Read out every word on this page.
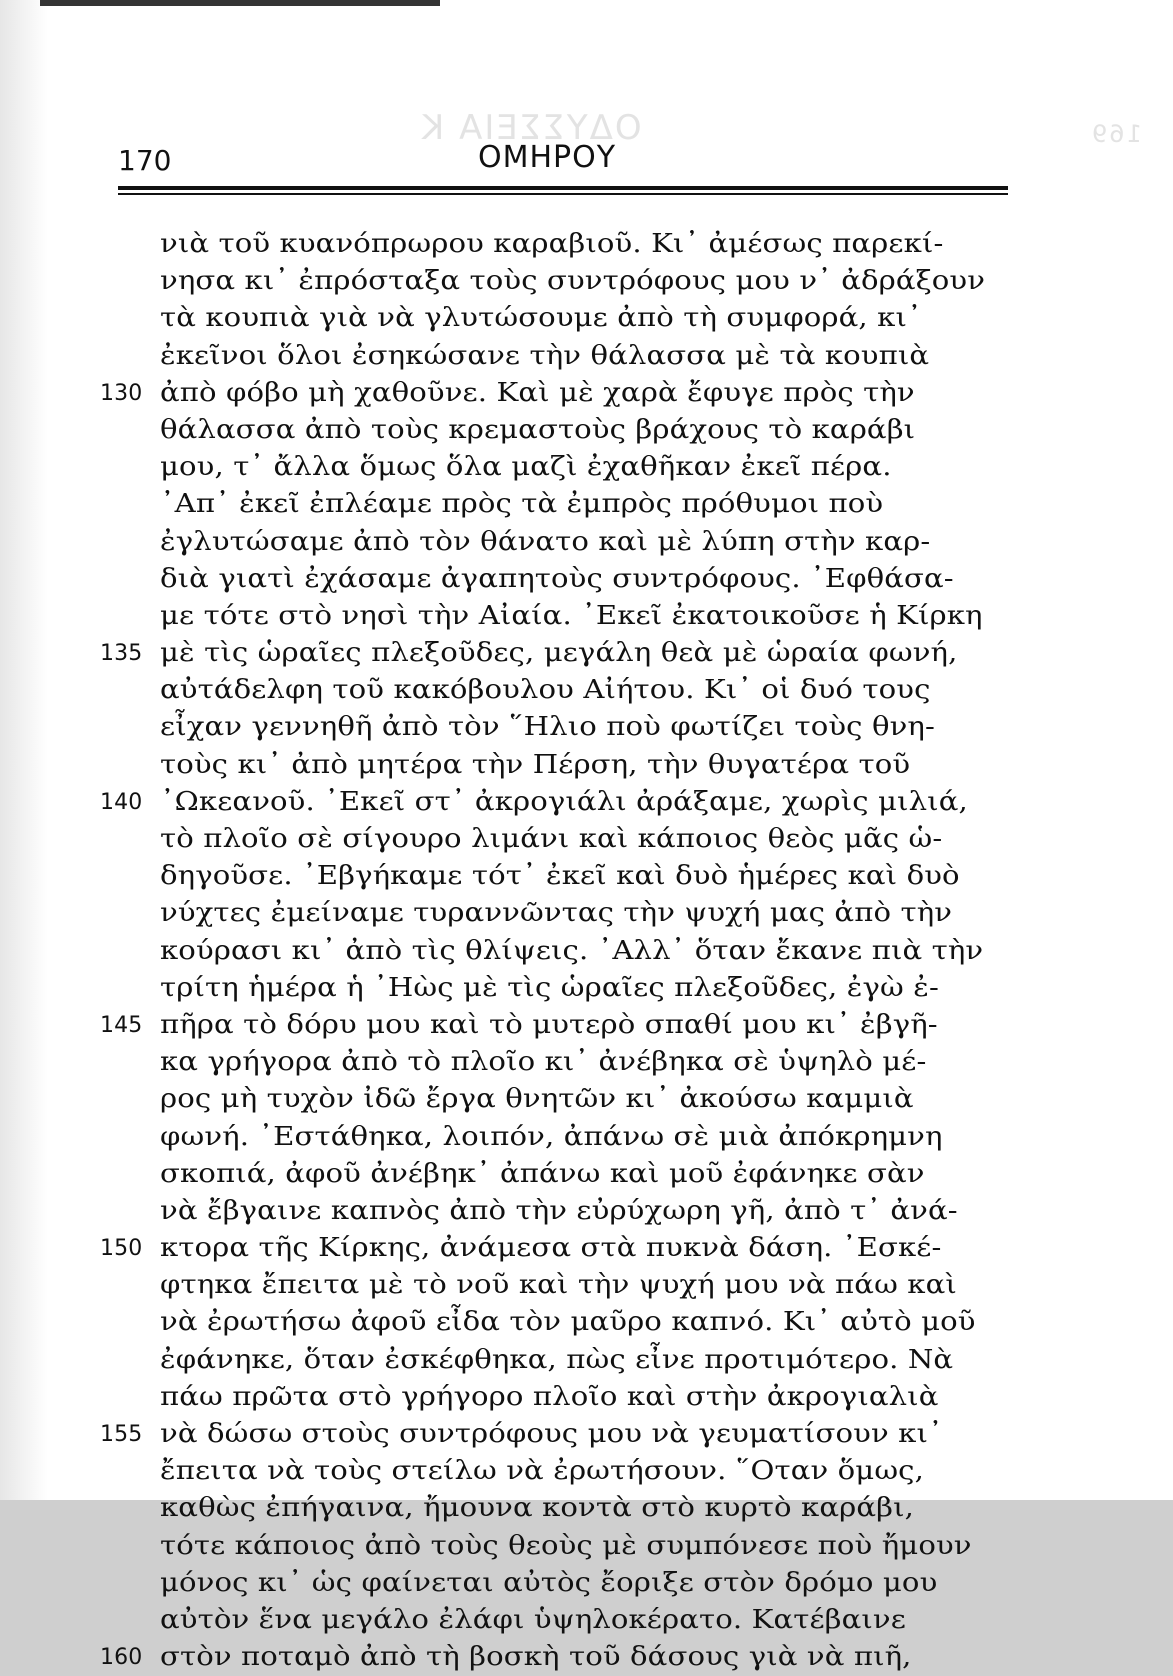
ΟΔΥΣΣΕΙΑ Κ	169
170	ΟΜΗΡΟΥ
νιὰ τοῦ κυανόπρωρου καραβιοῦ. Κι᾿ ἀμέσως παρεκί-
νησα κι᾿ ἐπρόσταξα τοὺς συντρόφους μου ν᾿ ἀδράξουν
τὰ κουπιὰ γιὰ νὰ γλυτώσουμε ἀπὸ τὴ συμφορά, κι᾿
ἐκεῖνοι ὅλοι ἐσηκώσανε τὴν θάλασσα μὲ τὰ κουπιὰ
130 ἀπὸ φόβο μὴ χαθοῦνε. Καὶ μὲ χαρὰ ἔφυγε πρὸς τὴν
θάλασσα ἀπὸ τοὺς κρεμαστοὺς βράχους τὸ καράβι
μου, τ᾿ ἄλλα ὅμως ὅλα μαζὶ ἐχαθῆκαν ἐκεῖ πέρα.
᾿Απ᾿ ἐκεῖ ἐπλέαμε πρὸς τὰ ἐμπρὸς πρόθυμοι ποὺ
ἐγλυτώσαμε ἀπὸ τὸν θάνατο καὶ μὲ λύπη στὴν καρ-
διὰ γιατὶ ἐχάσαμε ἀγαπητοὺς συντρόφους. ᾿Εφθάσα-
με τότε στὸ νησὶ τὴν Αἰαία. ᾿Εκεῖ ἐκατοικοῦσε ἡ Κίρκη
135 μὲ τὶς ὡραῖες πλεξοῦδες, μεγάλη θεὰ μὲ ὡραία φωνή,
αὐτάδελφη τοῦ κακόβουλου Αἰήτου. Κι᾿ οἱ δυό τους
εἶχαν γεννηθῆ ἀπὸ τὸν ῞Ηλιο ποὺ φωτίζει τοὺς θνη-
τοὺς κι᾿ ἀπὸ μητέρα τὴν Πέρση, τὴν θυγατέρα τοῦ
140 ᾿Ωκεανοῦ. ᾿Εκεῖ στ᾿ ἀκρογιάλι ἀράξαμε, χωρὶς μιλιά,
τὸ πλοῖο σὲ σίγουρο λιμάνι καὶ κάποιος θεὸς μᾶς ὡ-
δηγοῦσε. ᾿Εβγήκαμε τότ᾿ ἐκεῖ καὶ δυὸ ἡμέρες καὶ δυὸ
νύχτες ἐμείναμε τυραννῶντας τὴν ψυχή μας ἀπὸ τὴν
κούρασι κι᾿ ἀπὸ τὶς θλίψεις. ᾿Αλλ᾿ ὅταν ἔκανε πιὰ τὴν
τρίτη ἡμέρα ἡ ᾿Ηὼς μὲ τὶς ὡραῖες πλεξοῦδες, ἐγὼ ἐ-
145 πῆρα τὸ δόρυ μου καὶ τὸ μυτερὸ σπαθί μου κι᾿ ἐβγῆ-
κα γρήγορα ἀπὸ τὸ πλοῖο κι᾿ ἀνέβηκα σὲ ὑψηλὸ μέ-
ρος μὴ τυχὸν ἰδῶ ἔργα θνητῶν κι᾿ ἀκούσω καμμιὰ
φωνή. ᾿Εστάθηκα, λοιπόν, ἀπάνω σὲ μιὰ ἀπόκρημνη
σκοπιά, ἀφοῦ ἀνέβηκ᾿ ἀπάνω καὶ μοῦ ἐφάνηκε σὰν
νὰ ἔβγαινε καπνὸς ἀπὸ τὴν εὐρύχωρη γῆ, ἀπὸ τ᾿ ἀνά-
150 κτορα τῆς Κίρκης, ἀνάμεσα στὰ πυκνὰ δάση. ᾿Εσκέ-
φτηκα ἔπειτα μὲ τὸ νοῦ καὶ τὴν ψυχή μου νὰ πάω καὶ
νὰ ἐρωτήσω ἀφοῦ εἶδα τὸν μαῦρο καπνό. Κι᾿ αὐτὸ μοῦ
ἐφάνηκε, ὅταν ἐσκέφθηκα, πὼς εἶνε προτιμότερο. Νὰ
πάω πρῶτα στὸ γρήγορο πλοῖο καὶ στὴν ἀκρογιαλιὰ
155 νὰ δώσω στοὺς συντρόφους μου νὰ γευματίσουν κι᾿
ἔπειτα νὰ τοὺς στείλω νὰ ἐρωτήσουν. ῞Οταν ὅμως,
καθὼς ἐπήγαινα, ἤμουνα κοντὰ στὸ κυρτὸ καράβι,
τότε κάποιος ἀπὸ τοὺς θεοὺς μὲ συμπόνεσε ποὺ ἤμουν
μόνος κι᾿ ὡς φαίνεται αὐτὸς ἔοριξε στὸν δρόμο μου
αὐτὸν ἕνα μεγάλο ἐλάφι ὑψηλοκέρατο. Κατέβαινε
160 στὸν ποταμὸ ἀπὸ τὴ βοσκὴ τοῦ δάσους γιὰ νὰ πιῆ,
